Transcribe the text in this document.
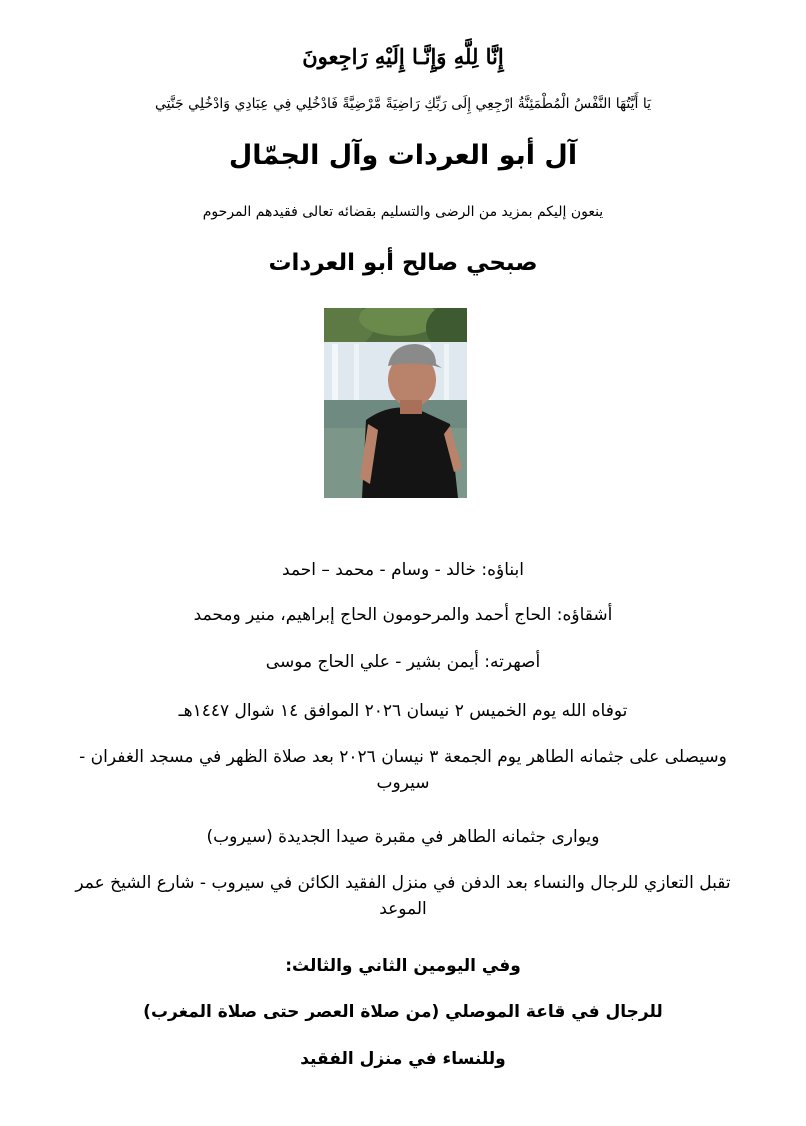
إِنَّا لِلَّهِ وَإِنَّـا إِلَيْهِ رَاجِعونَ
يَا أَيَّتُهَا النَّفْسُ الْمُطْمَئِنَّةُ ارْجِعِي إِلَى رَبِّكِ رَاضِيَةً مَّرْضِيَّةً فَادْخُلِي فِي عِبَادِي وَادْخُلِي جَنَّتِي
آل أبو العردات وآل الجمّال
ينعون إليكم بمزيد من الرضى والتسليم بقضائه تعالى فقيدهم المرحوم
صبحي صالح أبو العردات
ابناؤه: خالد - وسام - محمد – احمد
أشقاؤه: الحاج أحمد والمرحومون الحاج إبراهيم، منير ومحمد
أصهرته: أيمن بشير - علي الحاج موسى
توفاه الله يوم الخميس ٢ نيسان ٢٠٢٦ الموافق ١٤ شوال ١٤٤٧هـ
وسيصلى على جثمانه الطاهر يوم الجمعة ٣ نيسان ٢٠٢٦ بعد صلاة الظهر في مسجد الغفران - سيروب
ويوارى جثمانه الطاهر في مقبرة صيدا الجديدة (سيروب)
تقبل التعازي للرجال والنساء بعد الدفن في منزل الفقيد الكائن في سيروب - شارع الشيخ عمر الموعد
وفي اليومين الثاني والثالث:
للرجال في قاعة الموصلي (من صلاة العصر حتى صلاة المغرب)
وللنساء في منزل الفقيد
